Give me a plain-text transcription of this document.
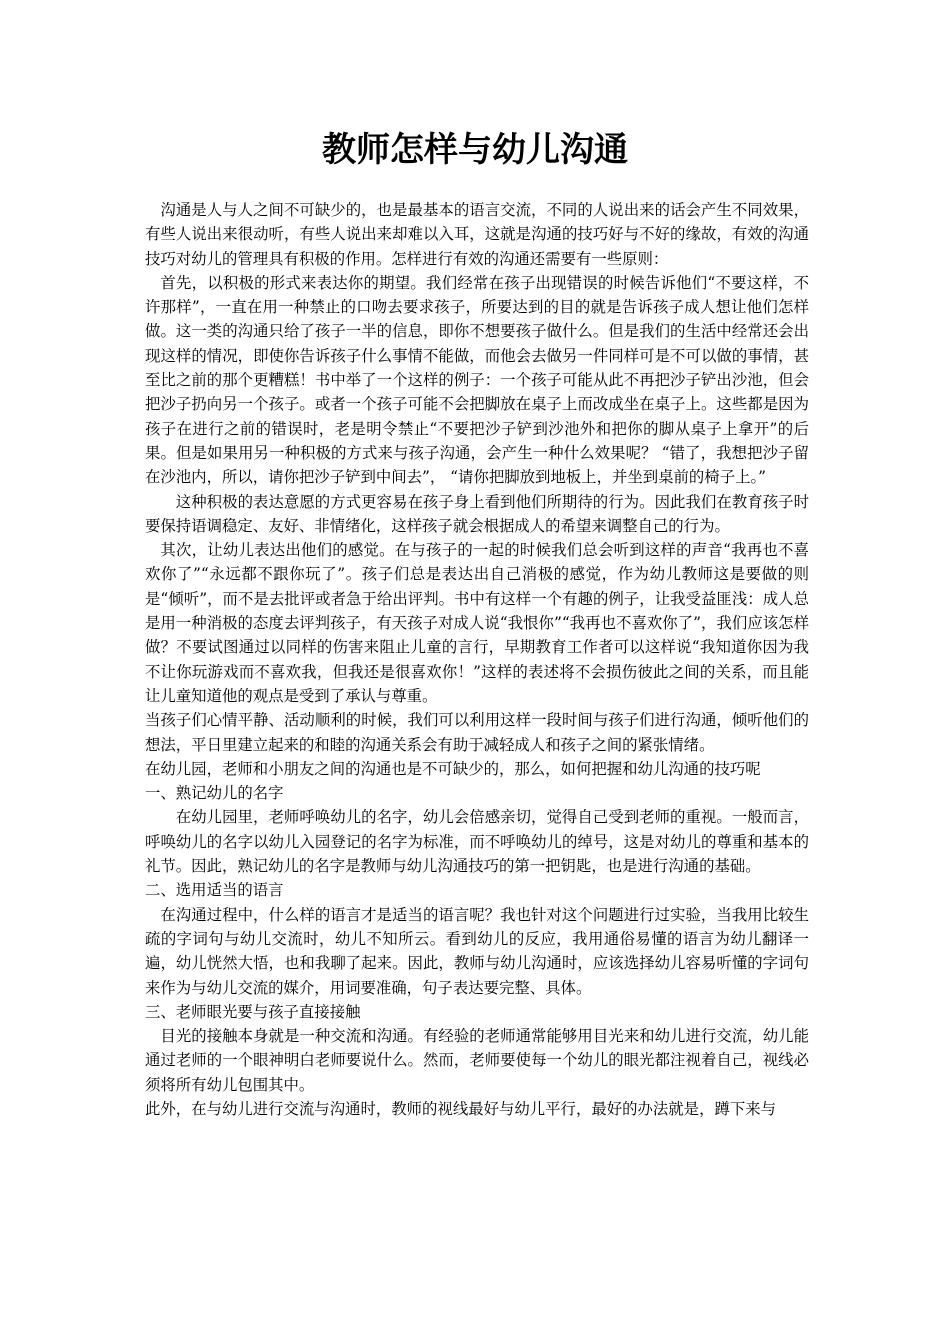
教师怎样与幼儿沟通

沟通是人与人之间不可缺少的，也是最基本的语言交流，不同的人说出来的话会产生不同效果，有些人说出来很动听，有些人说出来却难以入耳，这就是沟通的技巧好与不好的缘故，有效的沟通技巧对幼儿的管理具有积极的作用。怎样进行有效的沟通还需要有一些原则：

首先，以积极的形式来表达你的期望。我们经常在孩子出现错误的时候告诉他们“不要这样，不许那样”，一直在用一种禁止的口吻去要求孩子，所要达到的目的就是告诉孩子成人想让他们怎样做。这一类的沟通只给了孩子一半的信息，即你不想要孩子做什么。但是我们的生活中经常还会出现这样的情况，即使你告诉孩子什么事情不能做，而他会去做另一件同样可是不可以做的事情，甚至比之前的那个更糟糕！书中举了一个这样的例子：一个孩子可能从此不再把沙子铲出沙池，但会把沙子扔向另一个孩子。或者一个孩子可能不会把脚放在桌子上而改成坐在桌子上。这些都是因为孩子在进行之前的错误时，老是明令禁止“不要把沙子铲到沙池外和把你的脚从桌子上拿开”的后果。但是如果用另一种积极的方式来与孩子沟通，会产生一种什么效果呢？ “错了，我想把沙子留在沙池内，所以，请你把沙子铲到中间去”， “请你把脚放到地板上，并坐到桌前的椅子上。”

这种积极的表达意愿的方式更容易在孩子身上看到他们所期待的行为。因此我们在教育孩子时要保持语调稳定、友好、非情绪化，这样孩子就会根据成人的希望来调整自己的行为。

其次，让幼儿表达出他们的感觉。在与孩子的一起的时候我们总会听到这样的声音“我再也不喜欢你了”“永远都不跟你玩了”。孩子们总是表达出自己消极的感觉，作为幼儿教师这是要做的则是“倾听”，而不是去批评或者急于给出评判。书中有这样一个有趣的例子，让我受益匪浅：成人总是用一种消极的态度去评判孩子，有天孩子对成人说“我恨你”“我再也不喜欢你了”，我们应该怎样做？不要试图通过以同样的伤害来阻止儿童的言行，早期教育工作者可以这样说“我知道你因为我不让你玩游戏而不喜欢我，但我还是很喜欢你！”这样的表述将不会损伤彼此之间的关系，而且能让儿童知道他的观点是受到了承认与尊重。

当孩子们心情平静、活动顺利的时候，我们可以利用这样一段时间与孩子们进行沟通，倾听他们的想法，平日里建立起来的和睦的沟通关系会有助于减轻成人和孩子之间的紧张情绪。

在幼儿园，老师和小朋友之间的沟通也是不可缺少的，那么，如何把握和幼儿沟通的技巧呢

一、熟记幼儿的名字

在幼儿园里，老师呼唤幼儿的名字，幼儿会倍感亲切，觉得自己受到老师的重视。一般而言，呼唤幼儿的名字以幼儿入园登记的名字为标准，而不呼唤幼儿的绰号，这是对幼儿的尊重和基本的礼节。因此，熟记幼儿的名字是教师与幼儿沟通技巧的第一把钥匙，也是进行沟通的基础。

二、选用适当的语言

在沟通过程中，什么样的语言才是适当的语言呢？我也针对这个问题进行过实验，当我用比较生疏的字词句与幼儿交流时，幼儿不知所云。看到幼儿的反应，我用通俗易懂的语言为幼儿翻译一遍，幼儿恍然大悟，也和我聊了起来。因此，教师与幼儿沟通时，应该选择幼儿容易听懂的字词句来作为与幼儿交流的媒介，用词要准确，句子表达要完整、具体。

三、老师眼光要与孩子直接接触

目光的接触本身就是一种交流和沟通。有经验的老师通常能够用目光来和幼儿进行交流，幼儿能通过老师的一个眼神明白老师要说什么。然而，老师要使每一个幼儿的眼光都注视着自己，视线必须将所有幼儿包围其中。

此外，在与幼儿进行交流与沟通时，教师的视线最好与幼儿平行，最好的办法就是，蹲下来与
